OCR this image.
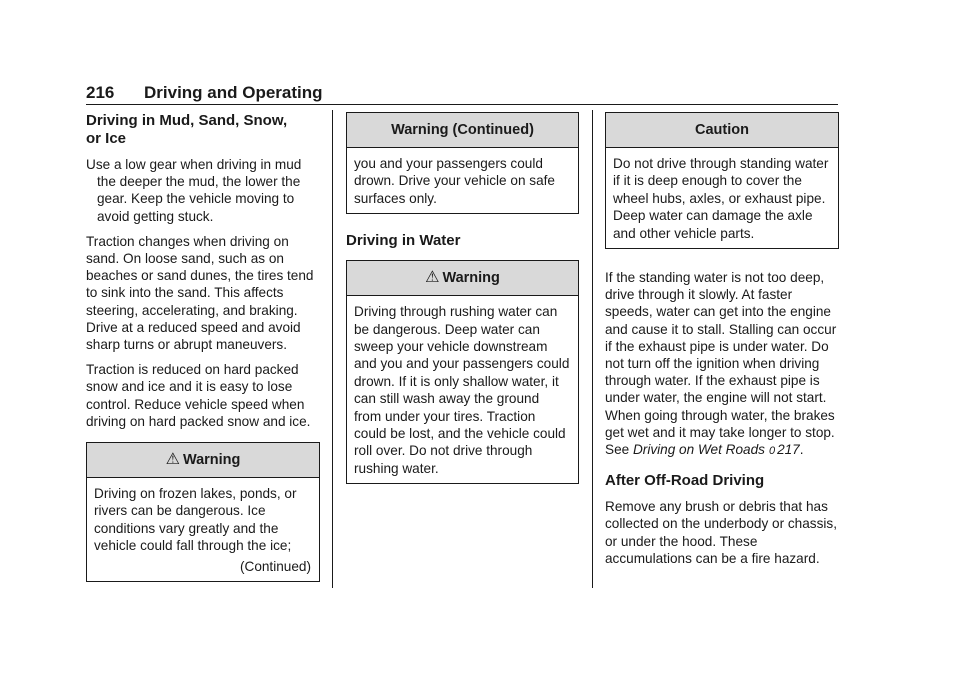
216 Driving and Operating
Driving in Mud, Sand, Snow,
or Ice

Use a low gear when driving in mud the deeper the mud, the lower the gear. Keep the vehicle moving to avoid getting stuck.

Traction changes when driving on sand. On loose sand, such as on beaches or sand dunes, the tires tend to sink into the sand. This affects steering, accelerating, and braking. Drive at a reduced speed and avoid sharp turns or abrupt maneuvers.

Traction is reduced on hard packed snow and ice and it is easy to lose control. Reduce vehicle speed when driving on hard packed snow and ice.

⚠ Warning
Driving on frozen lakes, ponds, or rivers can be dangerous. Ice conditions vary greatly and the vehicle could fall through the ice;
(Continued)
Warning (Continued)
you and your passengers could drown. Drive your vehicle on safe surfaces only.
Driving in Water
⚠ Warning
Driving through rushing water can be dangerous. Deep water can sweep your vehicle downstream and you and your passengers could drown. If it is only shallow water, it can still wash away the ground from under your tires. Traction could be lost, and the vehicle could roll over. Do not drive through rushing water.
Caution
Do not drive through standing water if it is deep enough to cover the wheel hubs, axles, or exhaust pipe. Deep water can damage the axle and other vehicle parts.

If the standing water is not too deep, drive through it slowly. At faster speeds, water can get into the engine and cause it to stall. Stalling can occur if the exhaust pipe is under water. Do not turn off the ignition when driving through water. If the exhaust pipe is under water, the engine will not start. When going through water, the brakes get wet and it may take longer to stop. See Driving on Wet Roads 0 217.

After Off-Road Driving

Remove any brush or debris that has collected on the underbody or chassis, or under the hood. These accumulations can be a fire hazard.
